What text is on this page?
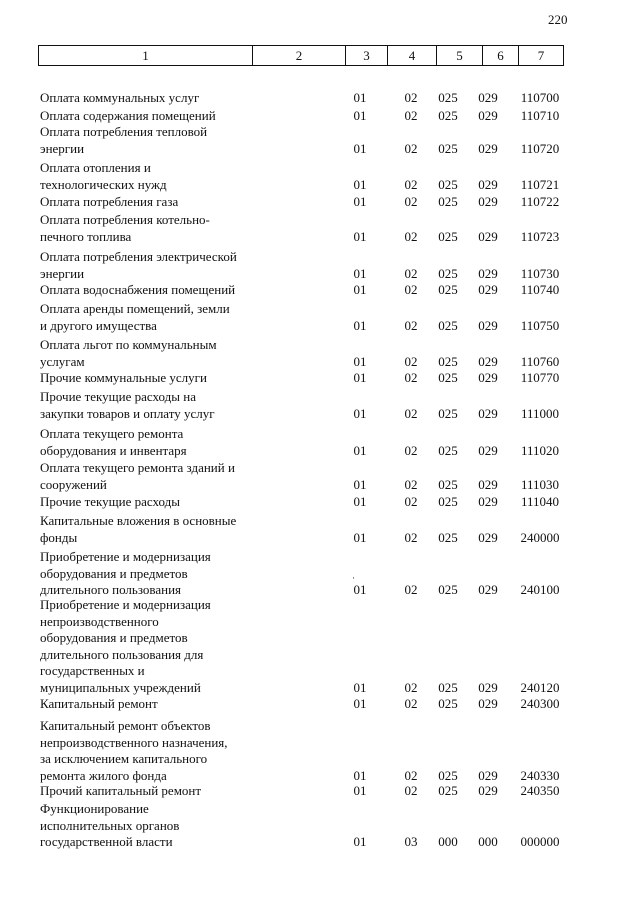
220
1	2	3	4	5	6	7
Оплата коммунальных услуг	01	02	025	029	110700
Оплата содержания помещений	01	02	025	029	110710
Оплата потребления тепловой
энергии	01	02	025	029	110720
Оплата отопления и
технологических нужд	01	02	025	029	110721
Оплата потребления газа	01	02	025	029	110722
Оплата потребления котельно-
печного топлива	01	02	025	029	110723
Оплата потребления электрической
энергии	01	02	025	029	110730
Оплата водоснабжения помещений	01	02	025	029	110740
Оплата аренды помещений, земли
и другого имущества	01	02	025	029	110750
Оплата льгот по коммунальным
услугам	01	02	025	029	110760
Прочие коммунальные услуги	01	02	025	029	110770
Прочие текущие расходы на
закупки товаров и оплату услуг	01	02	025	029	111000
Оплата текущего ремонта
оборудования и инвентаря	01	02	025	029	111020
Оплата текущего ремонта зданий и
сооружений	01	02	025	029	111030
Прочие текущие расходы	01	02	025	029	111040
Капитальные вложения в основные
фонды	01	02	025	029	240000
Приобретение и модернизация
оборудования и предметов
длительного пользования	01	02	025	029	240100
Приобретение и модернизация
непроизводственного
оборудования и предметов
длительного пользования для
государственных и
муниципальных учреждений	01	02	025	029	240120
Капитальный ремонт	01	02	025	029	240300
Капитальный ремонт объектов
непроизводственного назначения,
за исключением капитального
ремонта жилого фонда	01	02	025	029	240330
Прочий капитальный ремонт	01	02	025	029	240350
Функционирование
исполнительных органов
государственной власти	01	03	000	000	000000
·
